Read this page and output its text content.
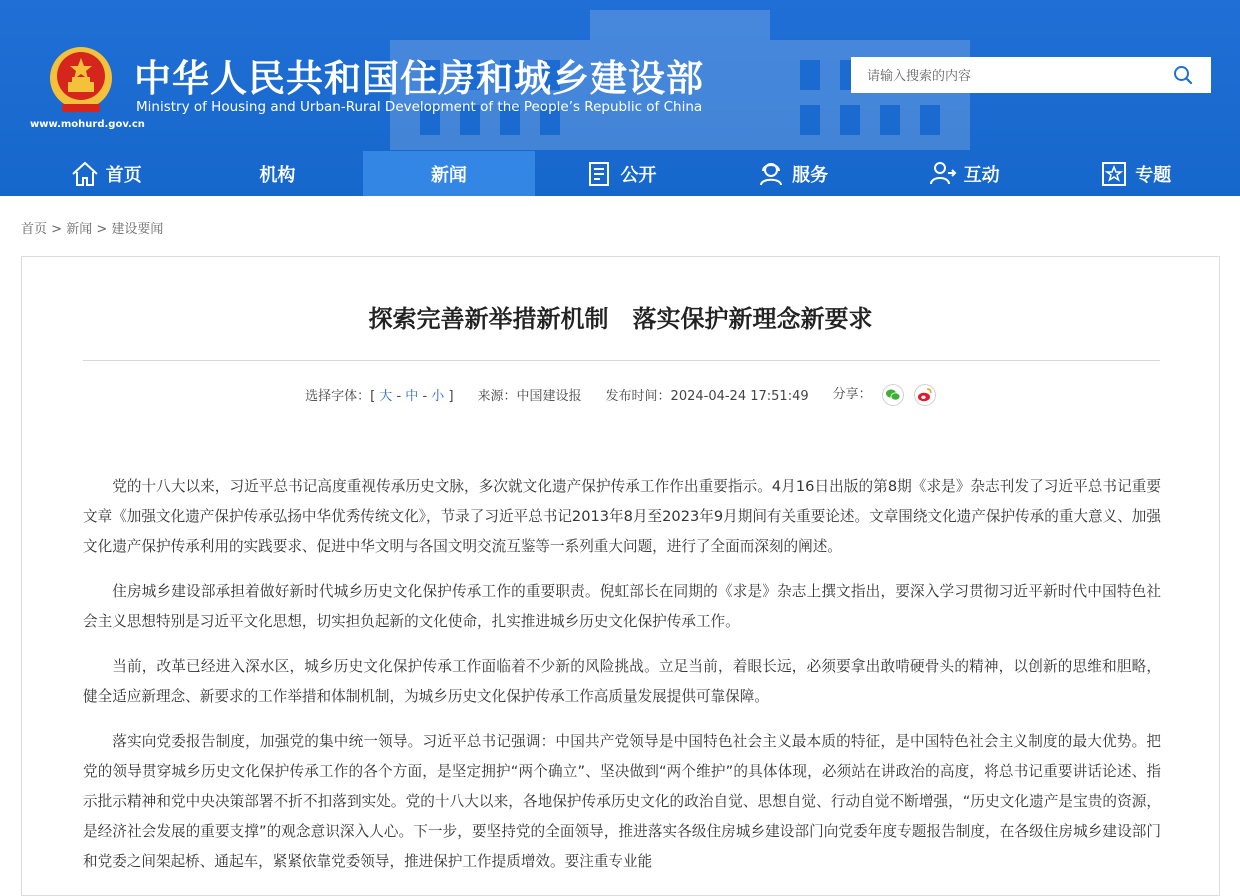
中华人民共和国住房和城乡建设部
Ministry of Housing and Urban-Rural Development of the People’s Republic of China
www.mohurd.gov.cn
请输入搜索的内容
首页	机构	新闻	公开	服务	互动	专题
首页 > 新闻 > 建设要闻
探索完善新举措新机制　落实保护新理念新要求
选择字体：[ 大 - 中 - 小 ] 来源：中国建设报 发布时间：2024-04-24 17:51:49 分享：

党的十八大以来，习近平总书记高度重视传承历史文脉，多次就文化遗产保护传承工作作出重要指示。4月16日出版的第8期《求是》杂志刊发了习近平总书记重要文章《加强文化遗产保护传承弘扬中华优秀传统文化》，节录了习近平总书记2013年8月至2023年9月期间有关重要论述。文章围绕文化遗产保护传承的重大意义、加强文化遗产保护传承利用的实践要求、促进中华文明与各国文明交流互鉴等一系列重大问题，进行了全面而深刻的阐述。

住房城乡建设部承担着做好新时代城乡历史文化保护传承工作的重要职责。倪虹部长在同期的《求是》杂志上撰文指出，要深入学习贯彻习近平新时代中国特色社会主义思想特别是习近平文化思想，切实担负起新的文化使命，扎实推进城乡历史文化保护传承工作。

当前，改革已经进入深水区，城乡历史文化保护传承工作面临着不少新的风险挑战。立足当前，着眼长远，必须要拿出敢啃硬骨头的精神，以创新的思维和胆略，健全适应新理念、新要求的工作举措和体制机制，为城乡历史文化保护传承工作高质量发展提供可靠保障。

落实向党委报告制度，加强党的集中统一领导。习近平总书记强调：中国共产党领导是中国特色社会主义最本质的特征，是中国特色社会主义制度的最大优势。把党的领导贯穿城乡历史文化保护传承工作的各个方面，是坚定拥护“两个确立”、坚决做到“两个维护”的具体体现，必须站在讲政治的高度，将总书记重要讲话论述、指示批示精神和党中央决策部署不折不扣落到实处。党的十八大以来，各地保护传承历史文化的政治自觉、思想自觉、行动自觉不断增强，“历史文化遗产是宝贵的资源，是经济社会发展的重要支撑”的观念意识深入人心。下一步，要坚持党的全面领导，推进落实各级住房城乡建设部门向党委年度专题报告制度，在各级住房城乡建设部门和党委之间架起桥、通起车，紧紧依靠党委领导，推进保护工作提质增效。要注重专业能
